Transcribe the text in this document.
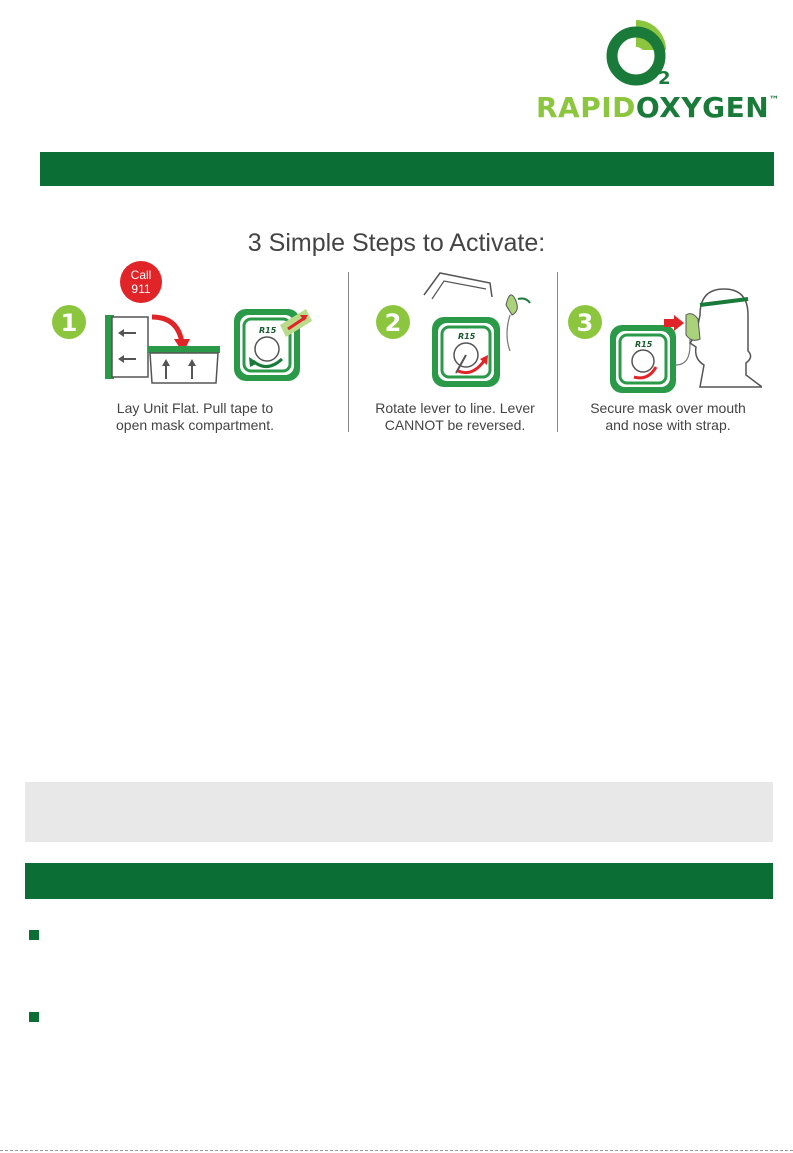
2
RAPIDOXYGEN™
3 Simple Steps to Activate:
1
Call
911
R15	2	R15	3
R15
Lay Unit Flat. Pull tape to
open mask compartment.
Rotate lever to line. Lever
CANNOT be reversed.
Secure mask over mouth
and nose with strap.
